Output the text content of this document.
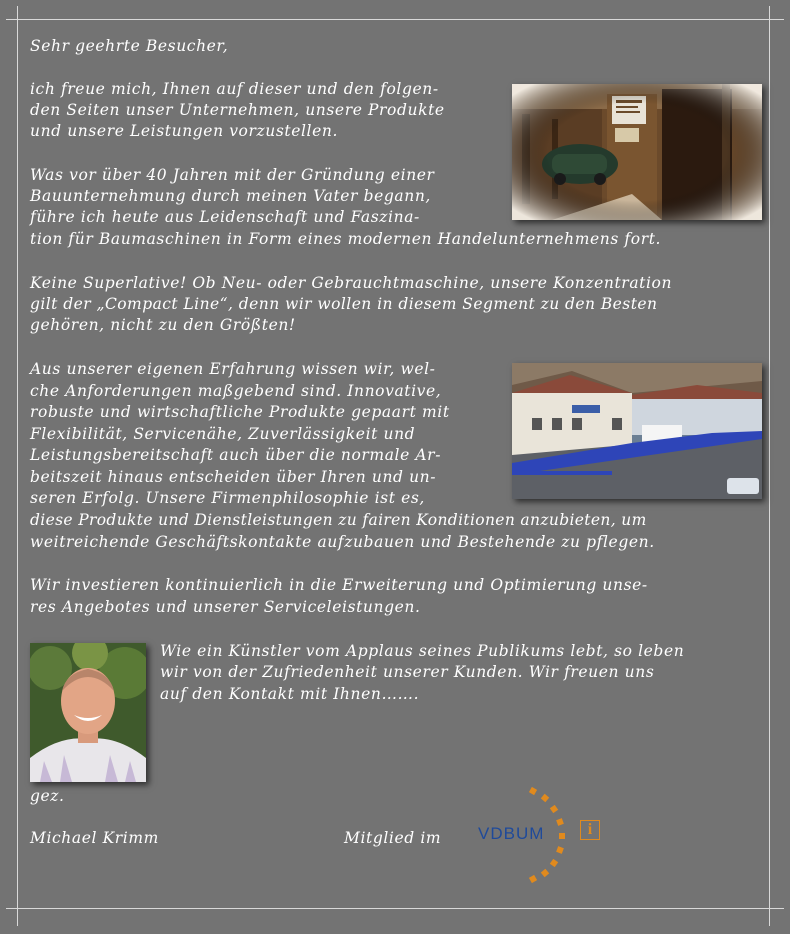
Sehr geehrte Besucher,
ich freue mich, Ihnen auf dieser und den folgen-
den Seiten unser Unternehmen, unsere Produkte
und unsere Leistungen vorzustellen.
Was vor über 40 Jahren mit der Gründung einer
Bauunternehmung durch meinen Vater begann,
führe ich heute aus Leidenschaft und Faszina-
tion für Baumaschinen in Form eines modernen Handelunternehmens fort.
Keine Superlative! Ob Neu- oder Gebrauchtmaschine, unsere Konzentration
gilt der „Compact Line“, denn wir wollen in diesem Segment zu den Besten
gehören, nicht zu den Größten!
Aus unserer eigenen Erfahrung wissen wir, wel-
che Anforderungen maßgebend sind. Innovative,
robuste und wirtschaftliche Produkte gepaart mit
Flexibilität, Servicenähe, Zuverlässigkeit und
Leistungsbereitschaft auch über die normale Ar-
beitszeit hinaus entscheiden über Ihren und un-
seren Erfolg. Unsere Firmenphilosophie ist es,
diese Produkte und Dienstleistungen zu fairen Konditionen anzubieten, um
weitreichende Geschäftskontakte aufzubauen und Bestehende zu pflegen.
Wir investieren kontinuierlich in die Erweiterung und Optimierung unse-
res Angebotes und unserer Serviceleistungen.
Wie ein Künstler vom Applaus seines Publikums lebt, so leben
wir von der Zufriedenheit unserer Kunden. Wir freuen uns
auf den Kontakt mit Ihnen…….
gez.
Michael Krimm	Mitglied im VDBUM	i
